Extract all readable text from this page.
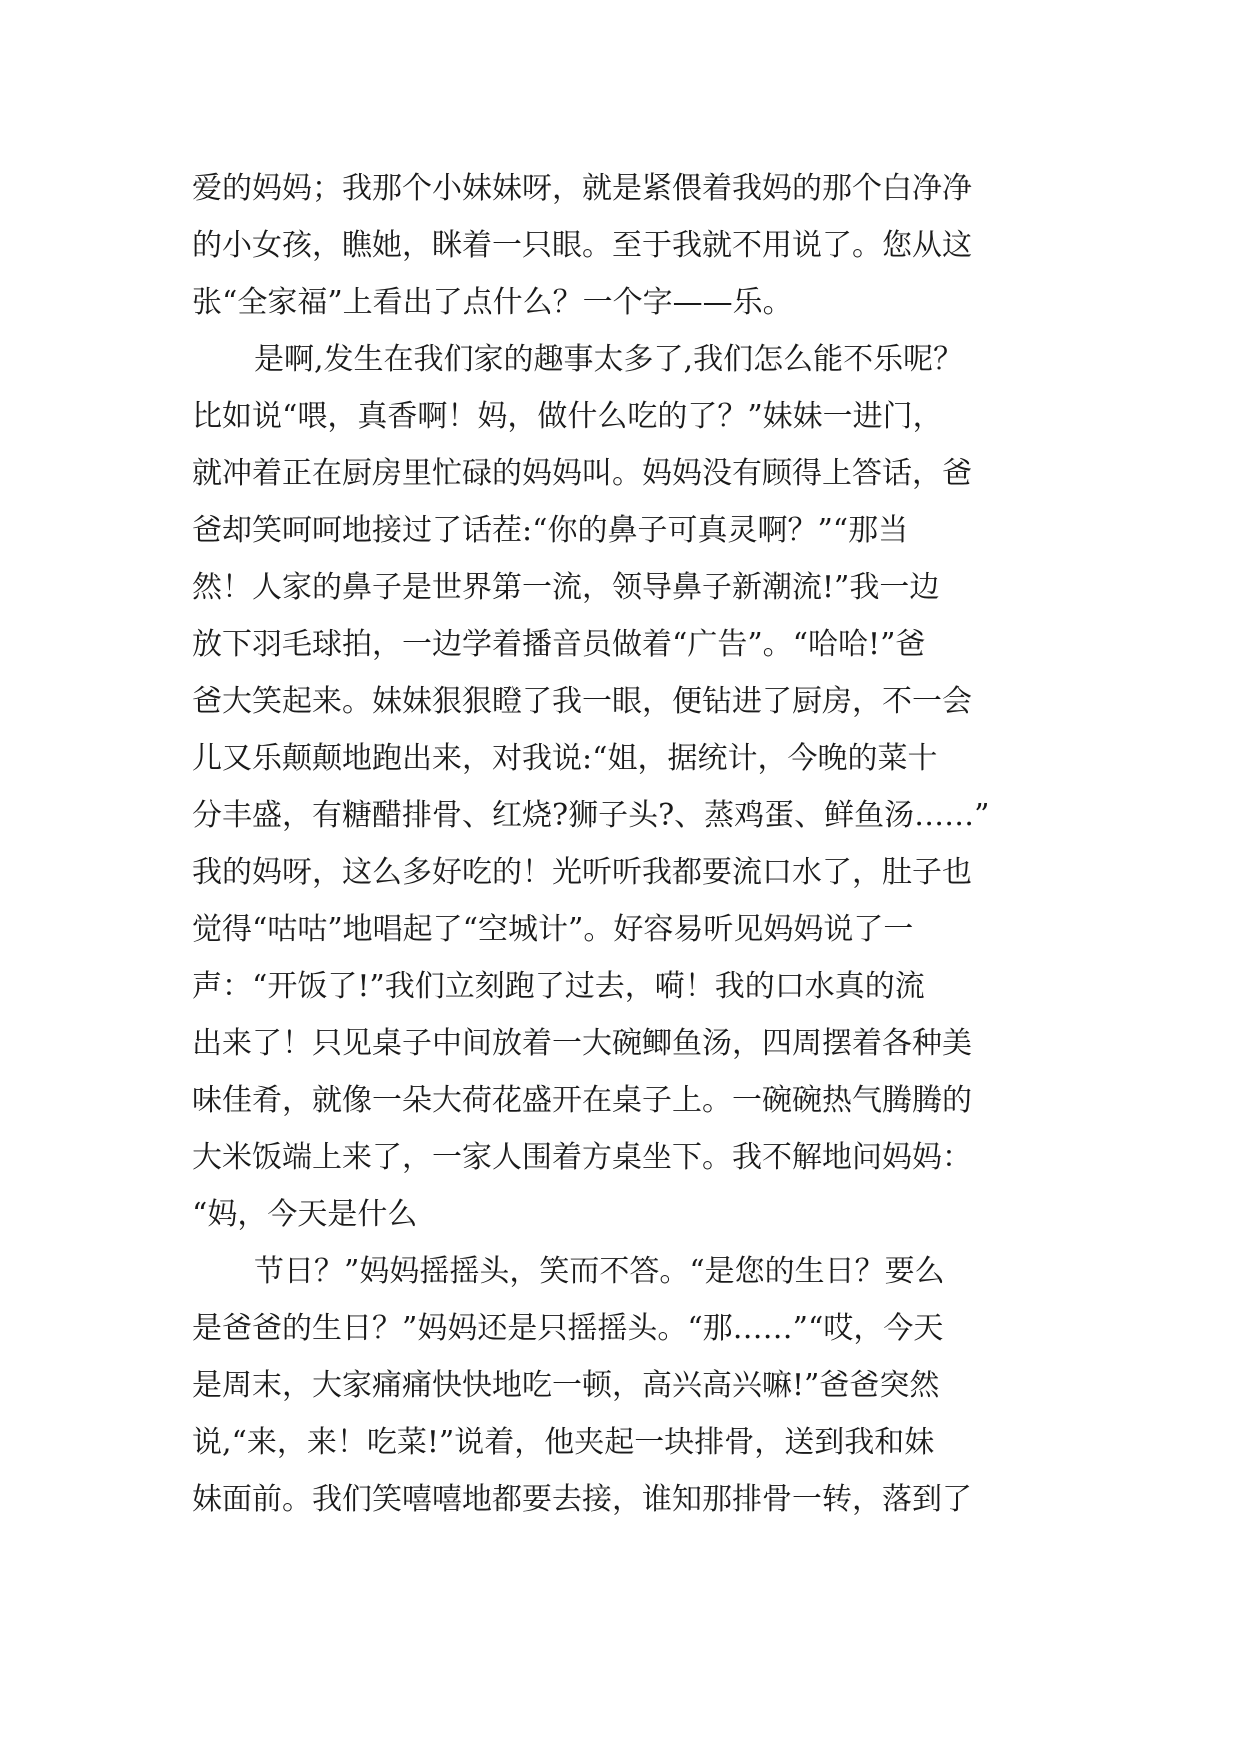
爱的妈妈；我那个小妹妹呀，就是紧偎着我妈的那个白净净
的小女孩，瞧她，眯着一只眼。至于我就不用说了。您从这
张“全家福”上看出了点什么？一个字——乐。
是啊,发生在我们家的趣事太多了,我们怎么能不乐呢？
比如说“喂，真香啊！妈，做什么吃的了？”妹妹一进门，
就冲着正在厨房里忙碌的妈妈叫。妈妈没有顾得上答话，爸
爸却笑呵呵地接过了话茬:“你的鼻子可真灵啊？”“那当
然！人家的鼻子是世界第一流，领导鼻子新潮流!”我一边
放下羽毛球拍，一边学着播音员做着“广告”。“哈哈!”爸
爸大笑起来。妹妹狠狠瞪了我一眼，便钻进了厨房，不一会
儿又乐颠颠地跑出来，对我说:“姐，据统计，今晚的菜十
分丰盛，有糖醋排骨、红烧?狮子头?、蒸鸡蛋、鲜鱼汤……”
我的妈呀，这么多好吃的！光听听我都要流口水了，肚子也
觉得“咕咕”地唱起了“空城计”。好容易听见妈妈说了一
声：“开饭了!”我们立刻跑了过去，嗬！我的口水真的流
出来了！只见桌子中间放着一大碗鲫鱼汤，四周摆着各种美
味佳肴，就像一朵大荷花盛开在桌子上。一碗碗热气腾腾的
大米饭端上来了，一家人围着方桌坐下。我不解地问妈妈：
“妈，今天是什么
节日？”妈妈摇摇头，笑而不答。“是您的生日？要么
是爸爸的生日？”妈妈还是只摇摇头。“那……”“哎，今天
是周末，大家痛痛快快地吃一顿，高兴高兴嘛!”爸爸突然
说,“来，来！吃菜!”说着，他夹起一块排骨，送到我和妹
妹面前。我们笑嘻嘻地都要去接，谁知那排骨一转，落到了
